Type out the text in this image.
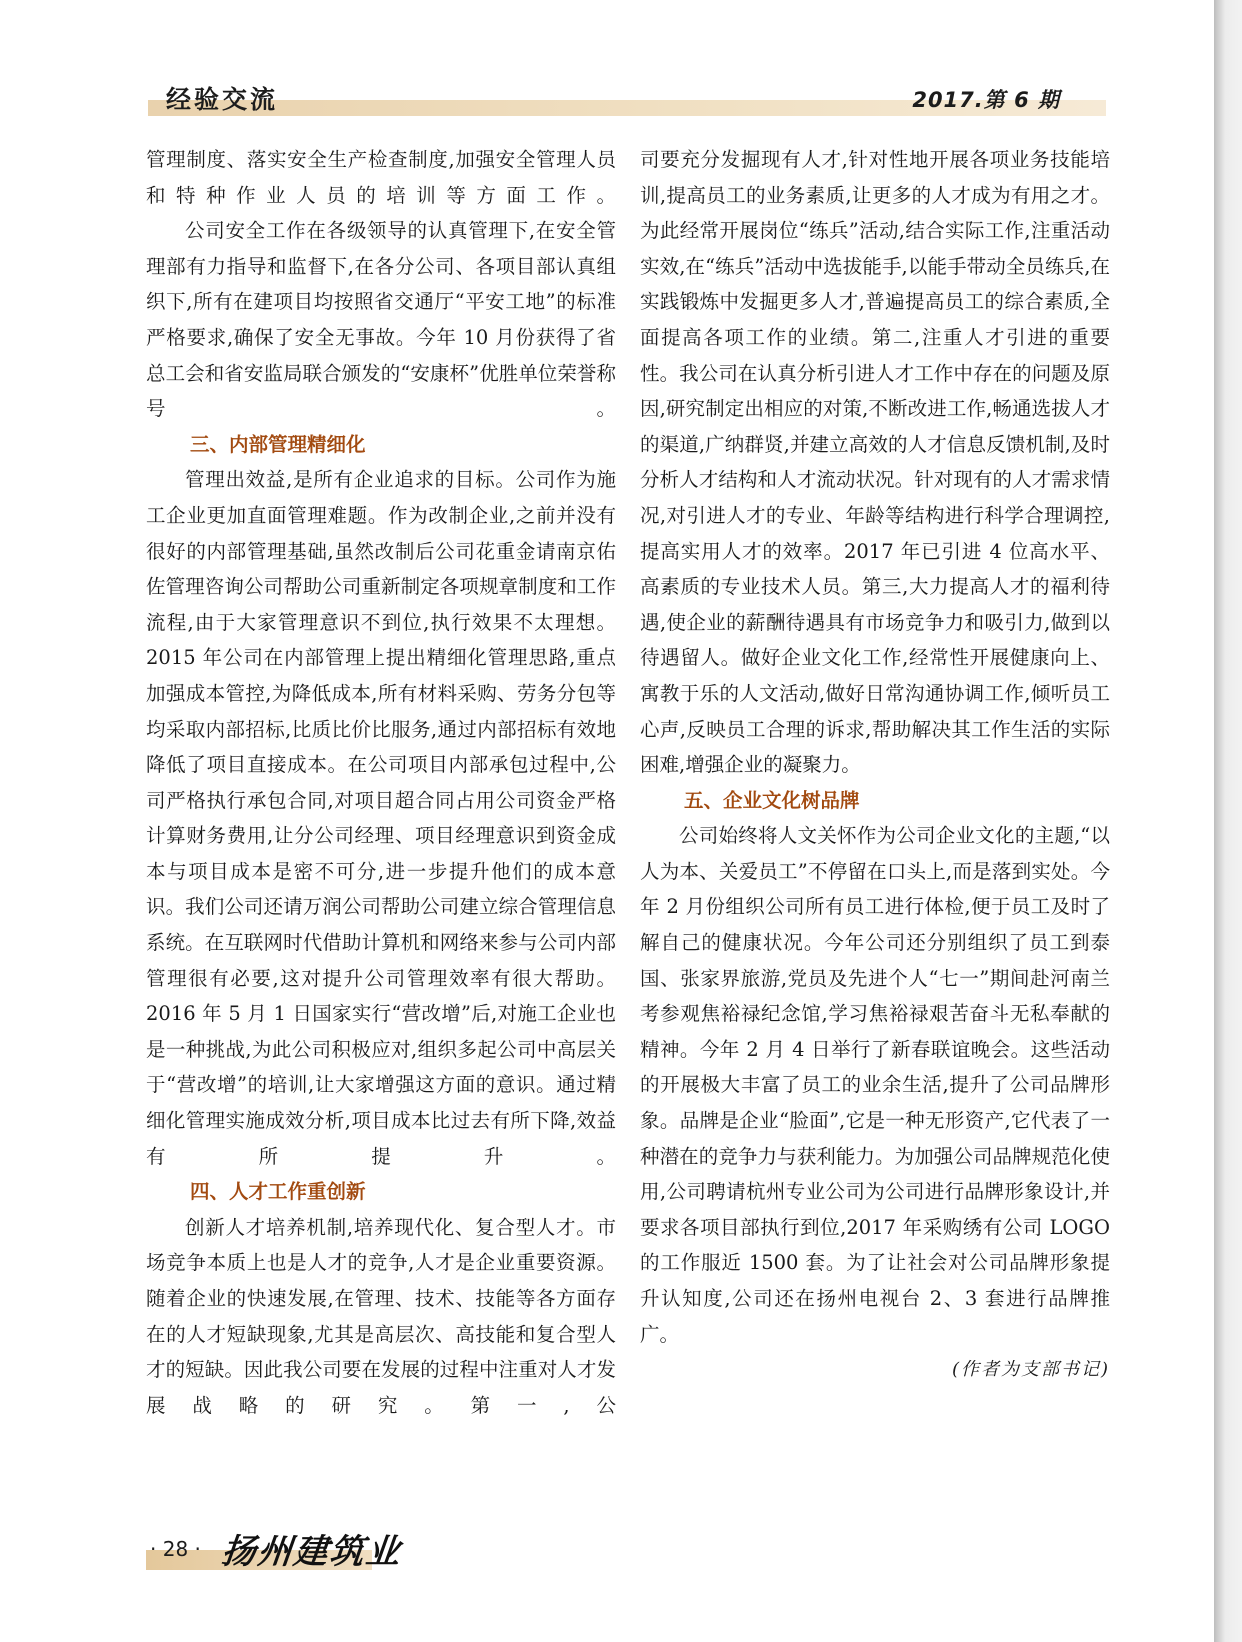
经验交流	2017.第 6 期

管理制度、落实安全生产检查制度,加强安全管理人员和特种作业人员的培训等方面工作。

公司安全工作在各级领导的认真管理下,在安全管理部有力指导和监督下,在各分公司、各项目部认真组织下,所有在建项目均按照省交通厅“平安工地”的标准严格要求,确保了安全无事故。今年 10 月份获得了省总工会和省安监局联合颁发的“安康杯”优胜单位荣誉称号。

三、内部管理精细化

管理出效益,是所有企业追求的目标。公司作为施工企业更加直面管理难题。作为改制企业,之前并没有很好的内部管理基础,虽然改制后公司花重金请南京佑佐管理咨询公司帮助公司重新制定各项规章制度和工作流程,由于大家管理意识不到位,执行效果不太理想。2015 年公司在内部管理上提出精细化管理思路,重点加强成本管控,为降低成本,所有材料采购、劳务分包等均采取内部招标,比质比价比服务,通过内部招标有效地降低了项目直接成本。在公司项目内部承包过程中,公司严格执行承包合同,对项目超合同占用公司资金严格计算财务费用,让分公司经理、项目经理意识到资金成本与项目成本是密不可分,进一步提升他们的成本意识。我们公司还请万润公司帮助公司建立综合管理信息系统。在互联网时代借助计算机和网络来参与公司内部管理很有必要,这对提升公司管理效率有很大帮助。2016 年 5 月 1 日国家实行“营改增”后,对施工企业也是一种挑战,为此公司积极应对,组织多起公司中高层关于“营改增”的培训,让大家增强这方面的意识。通过精细化管理实施成效分析,项目成本比过去有所下降,效益有所提升。

四、人才工作重创新

创新人才培养机制,培养现代化、复合型人才。市场竞争本质上也是人才的竞争,人才是企业重要资源。随着企业的快速发展,在管理、技术、技能等各方面存在的人才短缺现象,尤其是高层次、高技能和复合型人才的短缺。因此我公司要在发展的过程中注重对人才发展战略的研究。第一,公

司要充分发掘现有人才,针对性地开展各项业务技能培训,提高员工的业务素质,让更多的人才成为有用之才。为此经常开展岗位“练兵”活动,结合实际工作,注重活动实效,在“练兵”活动中选拔能手,以能手带动全员练兵,在实践锻炼中发掘更多人才,普遍提高员工的综合素质,全面提高各项工作的业绩。第二,注重人才引进的重要性。我公司在认真分析引进人才工作中存在的问题及原因,研究制定出相应的对策,不断改进工作,畅通选拔人才的渠道,广纳群贤,并建立高效的人才信息反馈机制,及时分析人才结构和人才流动状况。针对现有的人才需求情况,对引进人才的专业、年龄等结构进行科学合理调控,提高实用人才的效率。2017 年已引进 4 位高水平、高素质的专业技术人员。第三,大力提高人才的福利待遇,使企业的薪酬待遇具有市场竞争力和吸引力,做到以待遇留人。做好企业文化工作,经常性开展健康向上、寓教于乐的人文活动,做好日常沟通协调工作,倾听员工心声,反映员工合理的诉求,帮助解决其工作生活的实际困难,增强企业的凝聚力。

五、企业文化树品牌

公司始终将人文关怀作为公司企业文化的主题,“以人为本、关爱员工”不停留在口头上,而是落到实处。今年 2 月份组织公司所有员工进行体检,便于员工及时了解自己的健康状况。今年公司还分别组织了员工到泰国、张家界旅游,党员及先进个人“七一”期间赴河南兰考参观焦裕禄纪念馆,学习焦裕禄艰苦奋斗无私奉献的精神。今年 2 月 4 日举行了新春联谊晚会。这些活动的开展极大丰富了员工的业余生活,提升了公司品牌形象。品牌是企业“脸面”,它是一种无形资产,它代表了一种潜在的竞争力与获利能力。为加强公司品牌规范化使用,公司聘请杭州专业公司为公司进行品牌形象设计,并要求各项目部执行到位,2017 年采购绣有公司 LOGO 的工作服近 1500 套。为了让社会对公司品牌形象提升认知度,公司还在扬州电视台 2、3 套进行品牌推广。

(作者为支部书记)

· 28 · 扬州建筑业
